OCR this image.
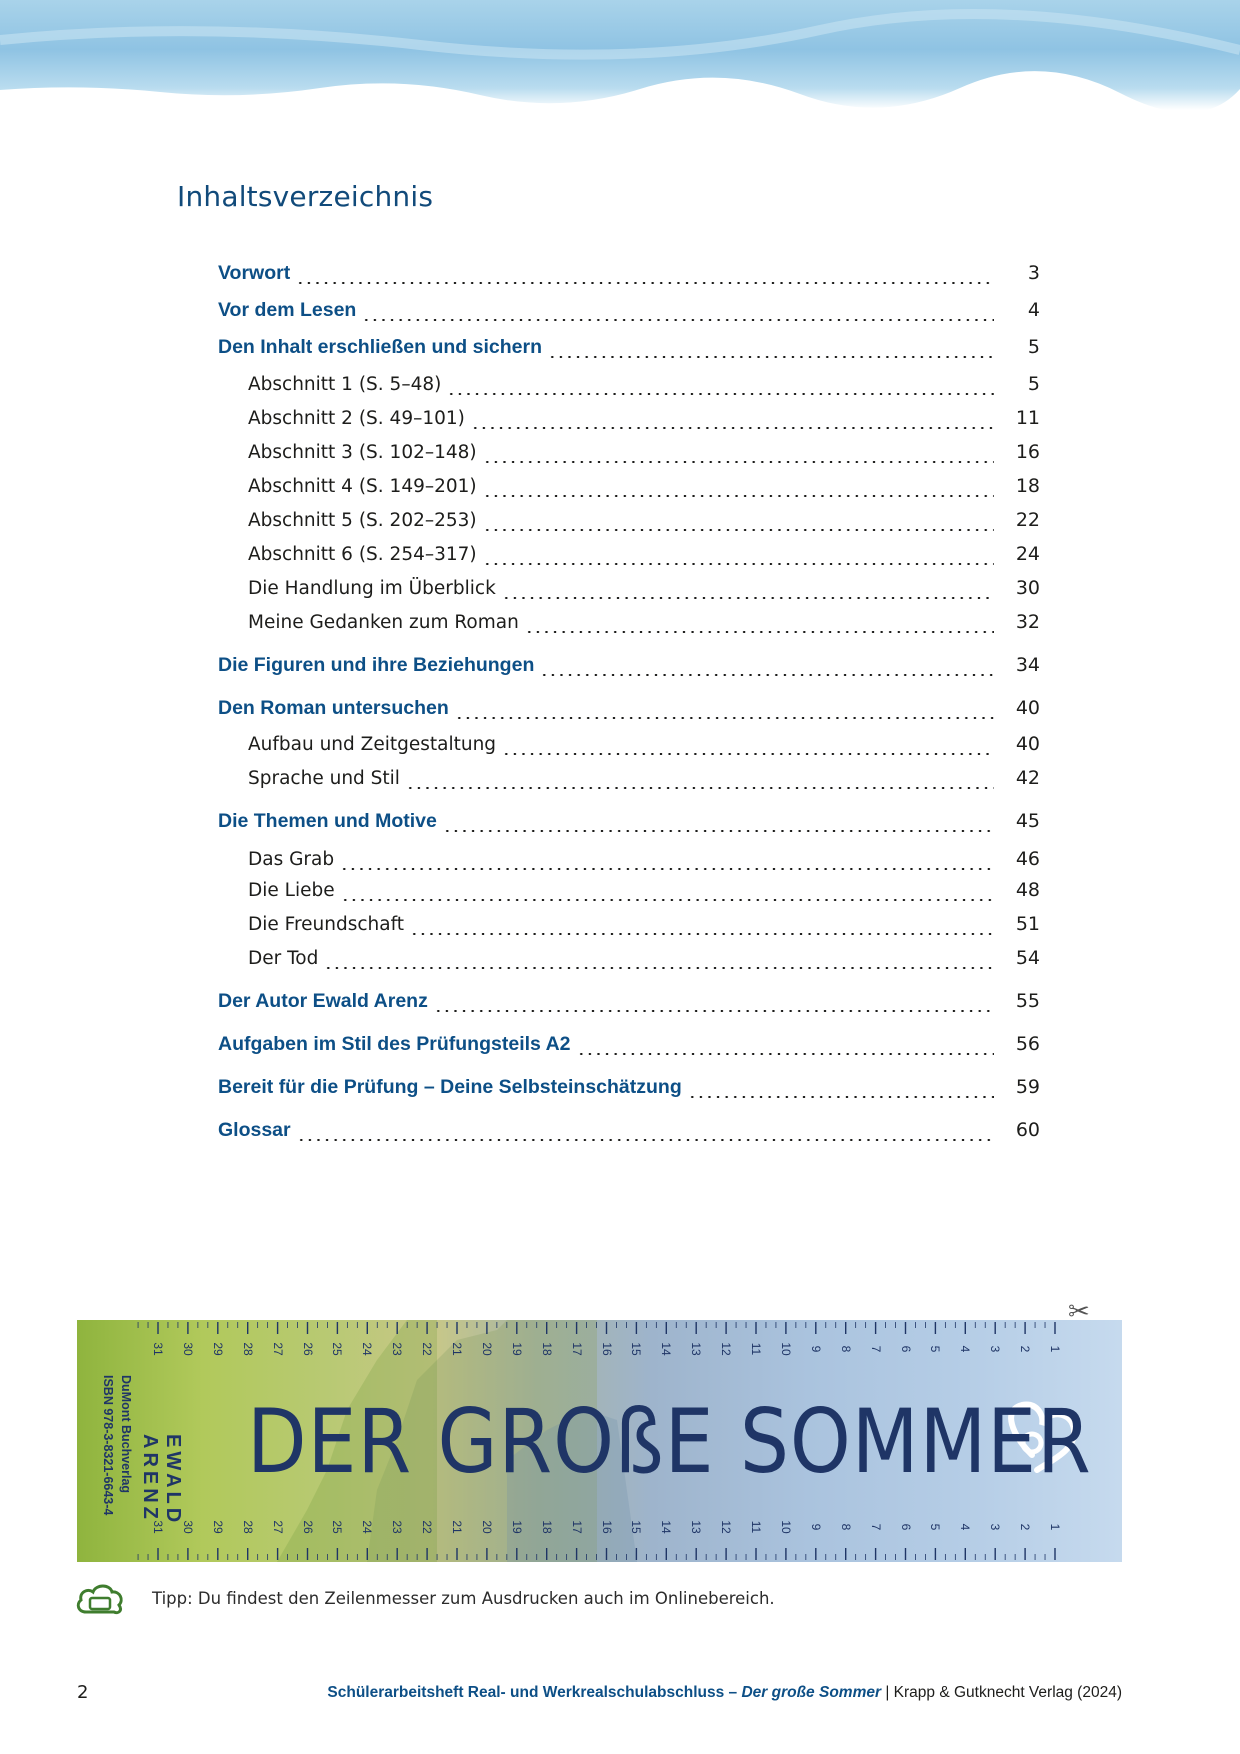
Inhaltsverzeichnis
Vorwort	3
Vor dem Lesen	4
Den Inhalt erschließen und sichern	5
Abschnitt 1 (S. 5–48)	5
Abschnitt 2 (S. 49–101)	11
Abschnitt 3 (S. 102–148)	16
Abschnitt 4 (S. 149–201)	18
Abschnitt 5 (S. 202–253)	22
Abschnitt 6 (S. 254–317)	24
Die Handlung im Überblick	30
Meine Gedanken zum Roman	32
Die Figuren und ihre Beziehungen	34
Den Roman untersuchen	40
Aufbau und Zeitgestaltung	40
Sprache und Stil	42
Die Themen und Motive	45
Das Grab	46
Die Liebe	48
Die Freundschaft	51
Der Tod	54
Der Autor Ewald Arenz	55
Aufgaben im Stil des Prüfungsteils A2	56
Bereit für die Prüfung – Deine Selbsteinschätzung	59
Glossar	60
DER GROßE SOMMER
EWALD
ARENZ
DuMont Buchverlag
ISBN 978-3-8321-6643-4
1
1
2
2
3
3
4
4
5
5
6
6
7
7
8
8
9
9
10
10
11
11
12
12
13
13
14
14
15
15
16
16
17
17
18
18
19
19
20
20
21
21
22
22
23
23
24
24
25
25
26
26
27
27
28
28
29
29
30
30
31
31
✂
Tipp: Du findest den Zeilenmesser zum Ausdrucken auch im Onlinebereich.
2	Schülerarbeitsheft Real- und Werkrealschulabschluss – Der große Sommer | Krapp & Gutknecht Verlag (2024)
